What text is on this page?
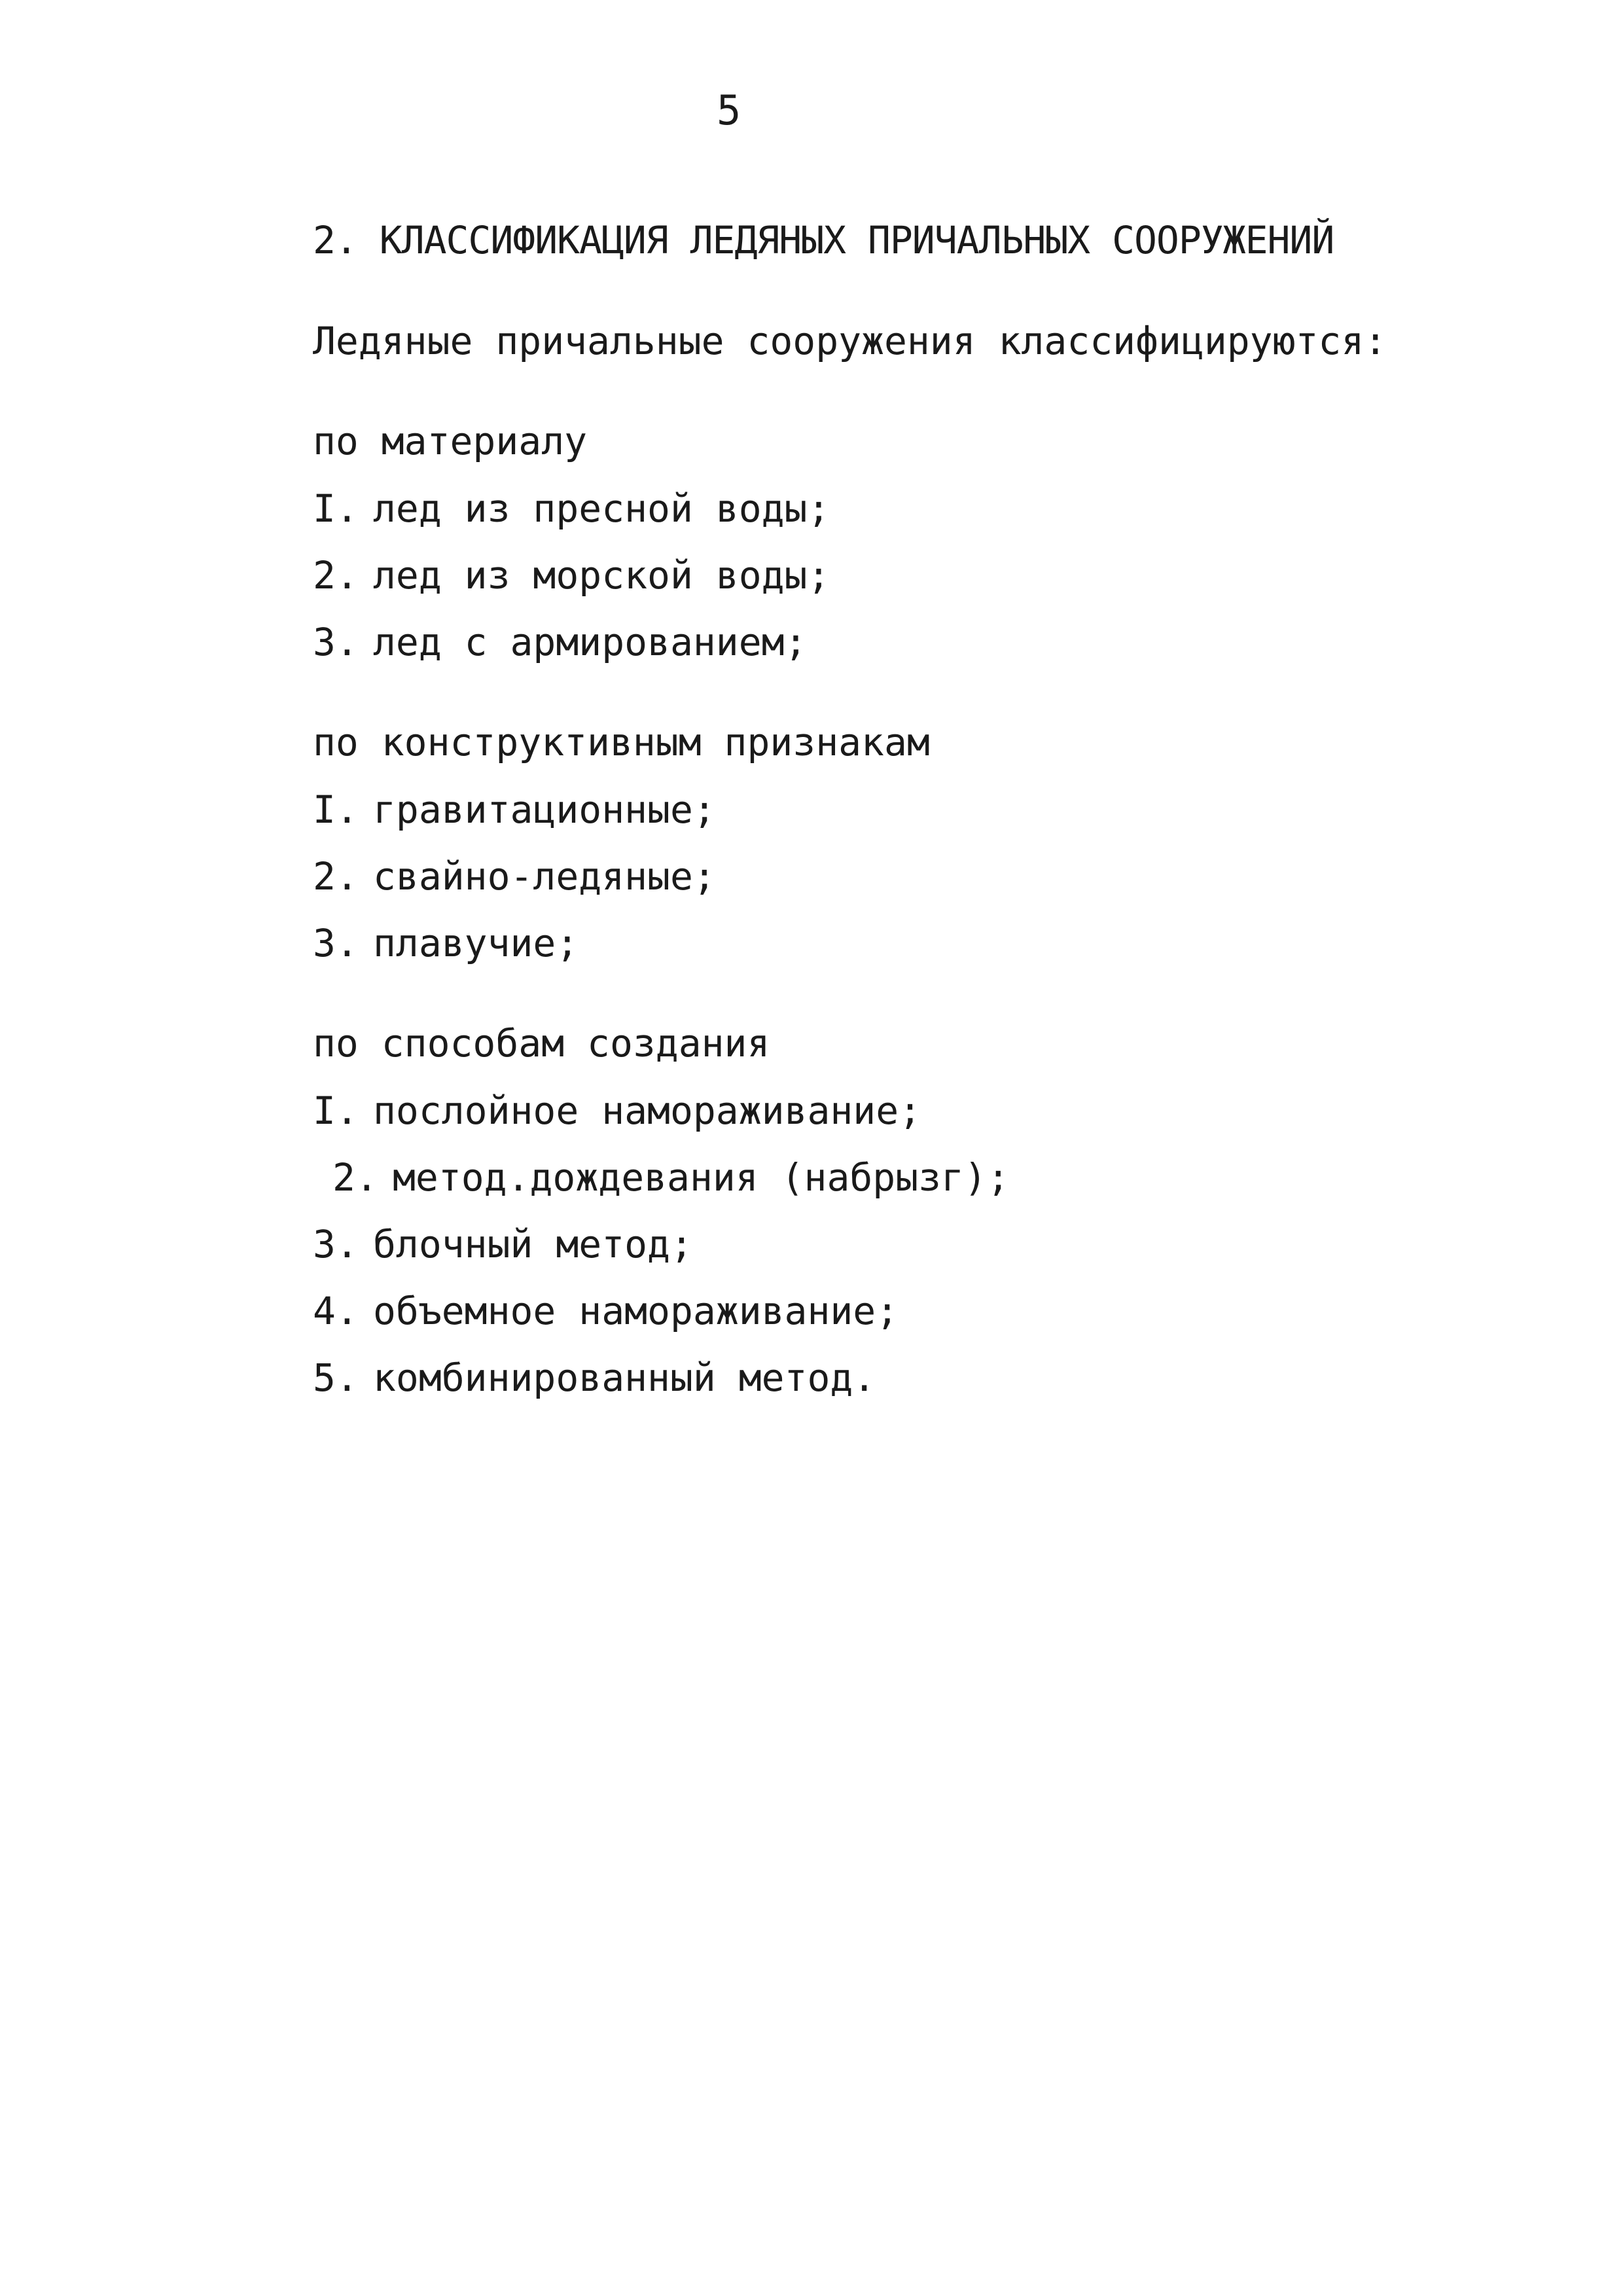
5
2. КЛАССИФИКАЦИЯ ЛЕДЯНЫХ ПРИЧАЛЬНЫХ СООРУЖЕНИЙ
Ледяные причальные сооружения классифицируются:
по материалу
I. лед из пресной воды;
2. лед из морской воды;
3. лед с армированием;
по конструктивным признакам
I. гравитационные;
2. свайно-ледяные;
3. плавучие;
по способам создания
I. послойное намораживание;
2. метод.дождевания (набрызг);
3. блочный метод;
4. объемное намораживание;
5. комбинированный метод.
